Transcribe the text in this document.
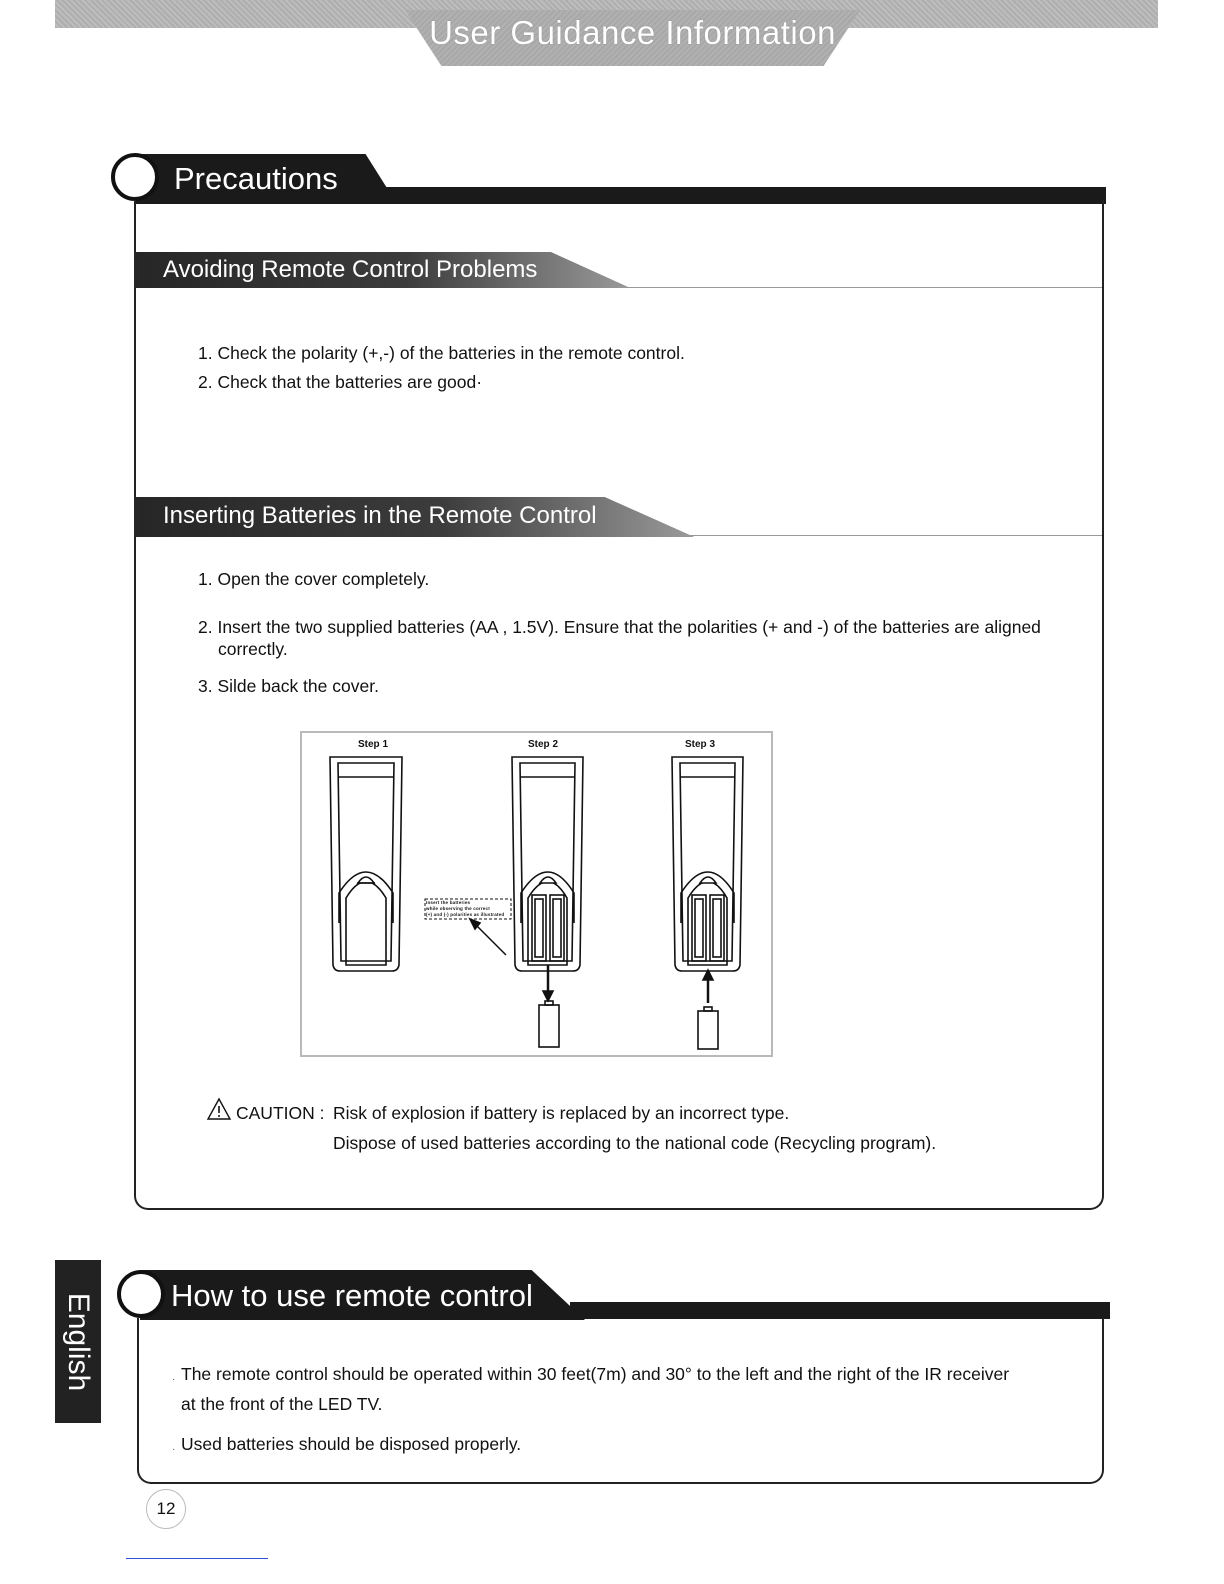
User Guidance Information
Precautions
Avoiding Remote Control Problems
1. Check the polarity (+,-) of the batteries in the remote control.
2. Check that the batteries are good·
Inserting Batteries in the Remote Control
1. Open the cover completely.
2. Insert the two supplied batteries (AA , 1.5V). Ensure that the polarities (+ and -) of the batteries are aligned
correctly.
3. Silde back the cover.
Step 1	Step 2	Step 3
Insert the batteries
while observing the correct
(+) and (-) polarities as illustrated
CAUTION : Risk of explosion if battery is replaced by an incorrect type.
Dispose of used batteries according to the national code (Recycling program).
English How to use remote control
· The remote control should be operated within 30 feet(7m) and 30° to the left and the right of the IR receiver
at the front of the LED TV.
· Used batteries should be disposed properly.
12
